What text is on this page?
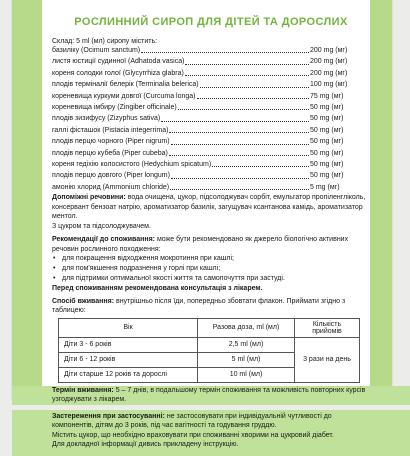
РОСЛИННИЙ СИРОП ДЛЯ ДІТЕЙ ТА ДОРОСЛИХ
Склад: 5 ml (мл) сиропу містить:
базиліку (Ocimum sanctum)	200 mg (мг)
листя юстиції судинної (Adhatoda vasica)	200 mg (мг)
кореня солодки голої (Glycyrrhiza glabra)	200 mg (мг)
плодів терміналії белерік (Terminalia belerica)	100 mg (мг)
кореневища куркуми довгої (Curcuma longa)	75 mg (мг)
кореневища імбиру (Zingiber officinale)	50 mg (мг)
плодів зизифусу (Zizyphus sativa)	50 mg (мг)
галлі фісташок (Pistacia integerrima)	50 mg (мг)
плодів перцю чорного (Piper nigrum)	50 mg (мг)
плодів перцю кубеба (Piper cubeba)	50 mg (мг)
кореня гедіхію колосистого (Hedychium spicatum)	50 mg (мг)
плодів перцю довгого (Piper longum)	50 mg (мг)
амонію хлорид (Ammonium chloride)	5 mg (мг)

Допоміжні речовини: вода очищена, цукор, підсолоджувач сорбіт, емульгатор пропіленгліколь, консервант бензоат натрію, ароматизатор базилік, загущувач ксантанова камідь, ароматизатор ментол.

З цукром та підсолоджувачем.

Рекомендації до споживання: може бути рекомендовано як джерело біологічно активних речовин рослинного походження:

• для покращення відходження мокротиння при кашлі;
• для пом'якшення подразнення у горлі при кашлі;
• для підтримки оптимальної якості життя та самопочуття при застуді.

Перед споживанням рекомендована консультація з лікарем.

Спосіб вживання: внутрішньо після їди, попередньо збовтати флакон. Приймати згідно з таблицею:

Вік	Разова доза, ml (мл)	Кількість прийомів
Діти 3 - 6 років	2,5 ml (мл)	3 рази на день
Діти 6 - 12 років	5 ml (мл)	
Діти старше 12 років та дорослі	10 ml (мл)	

Термін вживання: 5 – 7 днів, в подальшому термін споживання та можливість повторних курсів узгоджувати з лікарем.

Застереження при застосуванні: не застосовувати при індивідуальній чутливості до компонентів, дітям до 3 років, під час вагітності та годування груддю.

Містить цукор, що необхідно враховувати при споживанні хворими на цукровий діабет.

Для докладної інформації дивись прикладену інструкцію.
